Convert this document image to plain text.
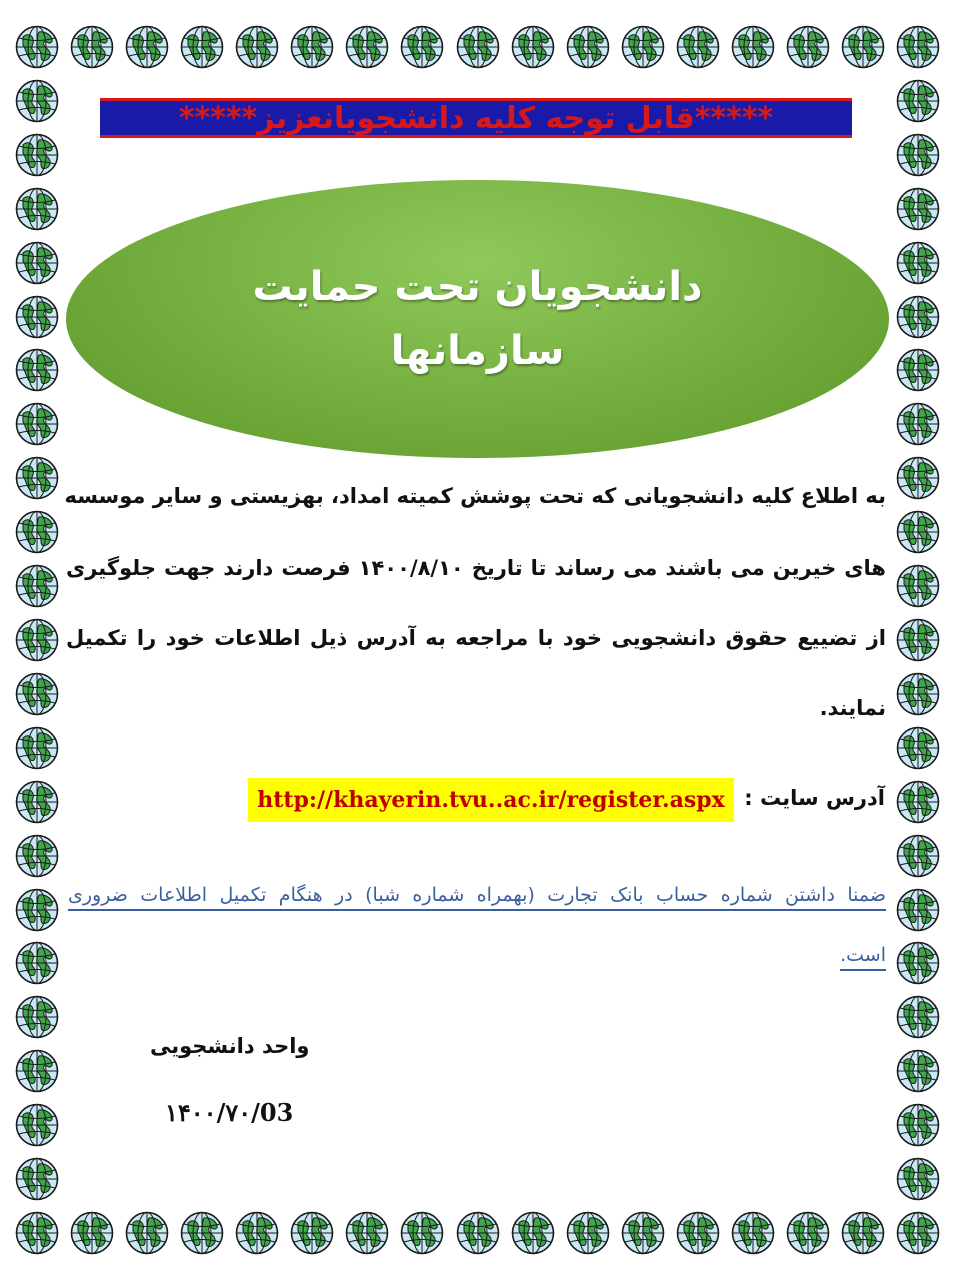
*****قابل توجه کلیه دانشجویانعزیز*****
دانشجویان تحت حمایت
سازمانها
به اطلاع کلیه دانشجویانی که تحت پوشش کمیته امداد، بهزیستی و سایر موسسه
های خیرین می باشند می رساند تا تاریخ ۱۴۰۰/۸/۱۰ فرصت دارند جهت جلوگیری
از تضییع حقوق دانشجویی خود با مراجعه به آدرس ذیل اطلاعات خود را تکمیل
نمایند.
آدرس سایت :
http://khayerin.tvu..ac.ir/register.aspx
ضمنا داشتن شماره حساب بانک تجارت (بهمراه شماره شبا) در هنگام تکمیل اطلاعات ضروری
است.
واحد دانشجویی
۱۴۰۰/۷۰/03
